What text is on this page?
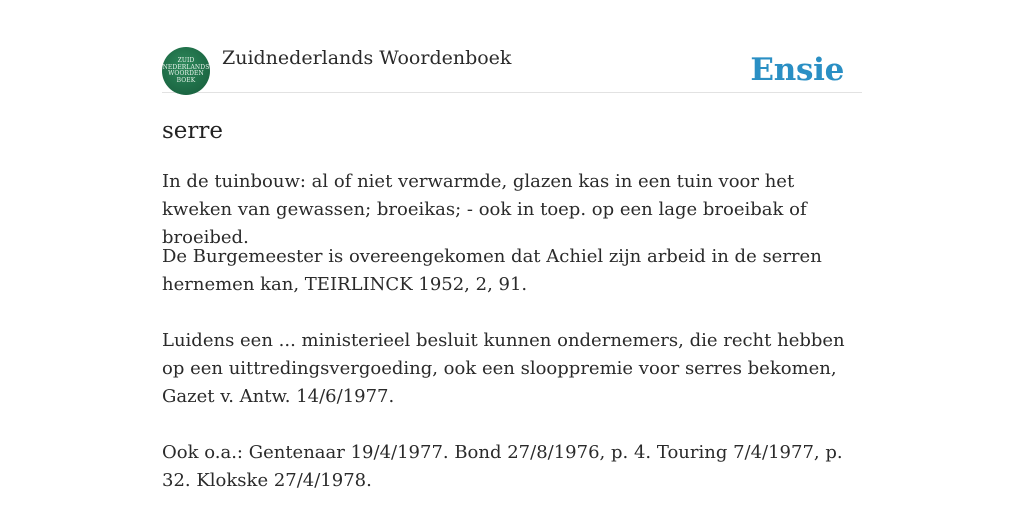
ZUID
NEDERLANDS
WOORDEN
BOEK
Zuidnederlands Woordenboek	Ensie
serre

In de tuinbouw: al of niet verwarmde, glazen kas in een tuin voor het kweken van gewassen; broeikas; - ook in toep. op een lage broeibak of broeibed.

De Burgemeester is overeengekomen dat Achiel zijn arbeid in de serren hernemen kan, TEIRLINCK 1952, 2, 91.

Luidens een ... ministerieel besluit kunnen ondernemers, die recht hebben op een uittredingsvergoeding, ook een slooppremie voor serres bekomen, Gazet v. Antw. 14/6/1977.

Ook o.a.: Gentenaar 19/4/1977. Bond 27/8/1976, p. 4. Touring 7/4/1977, p. 32. Klokske 27/4/1978.
